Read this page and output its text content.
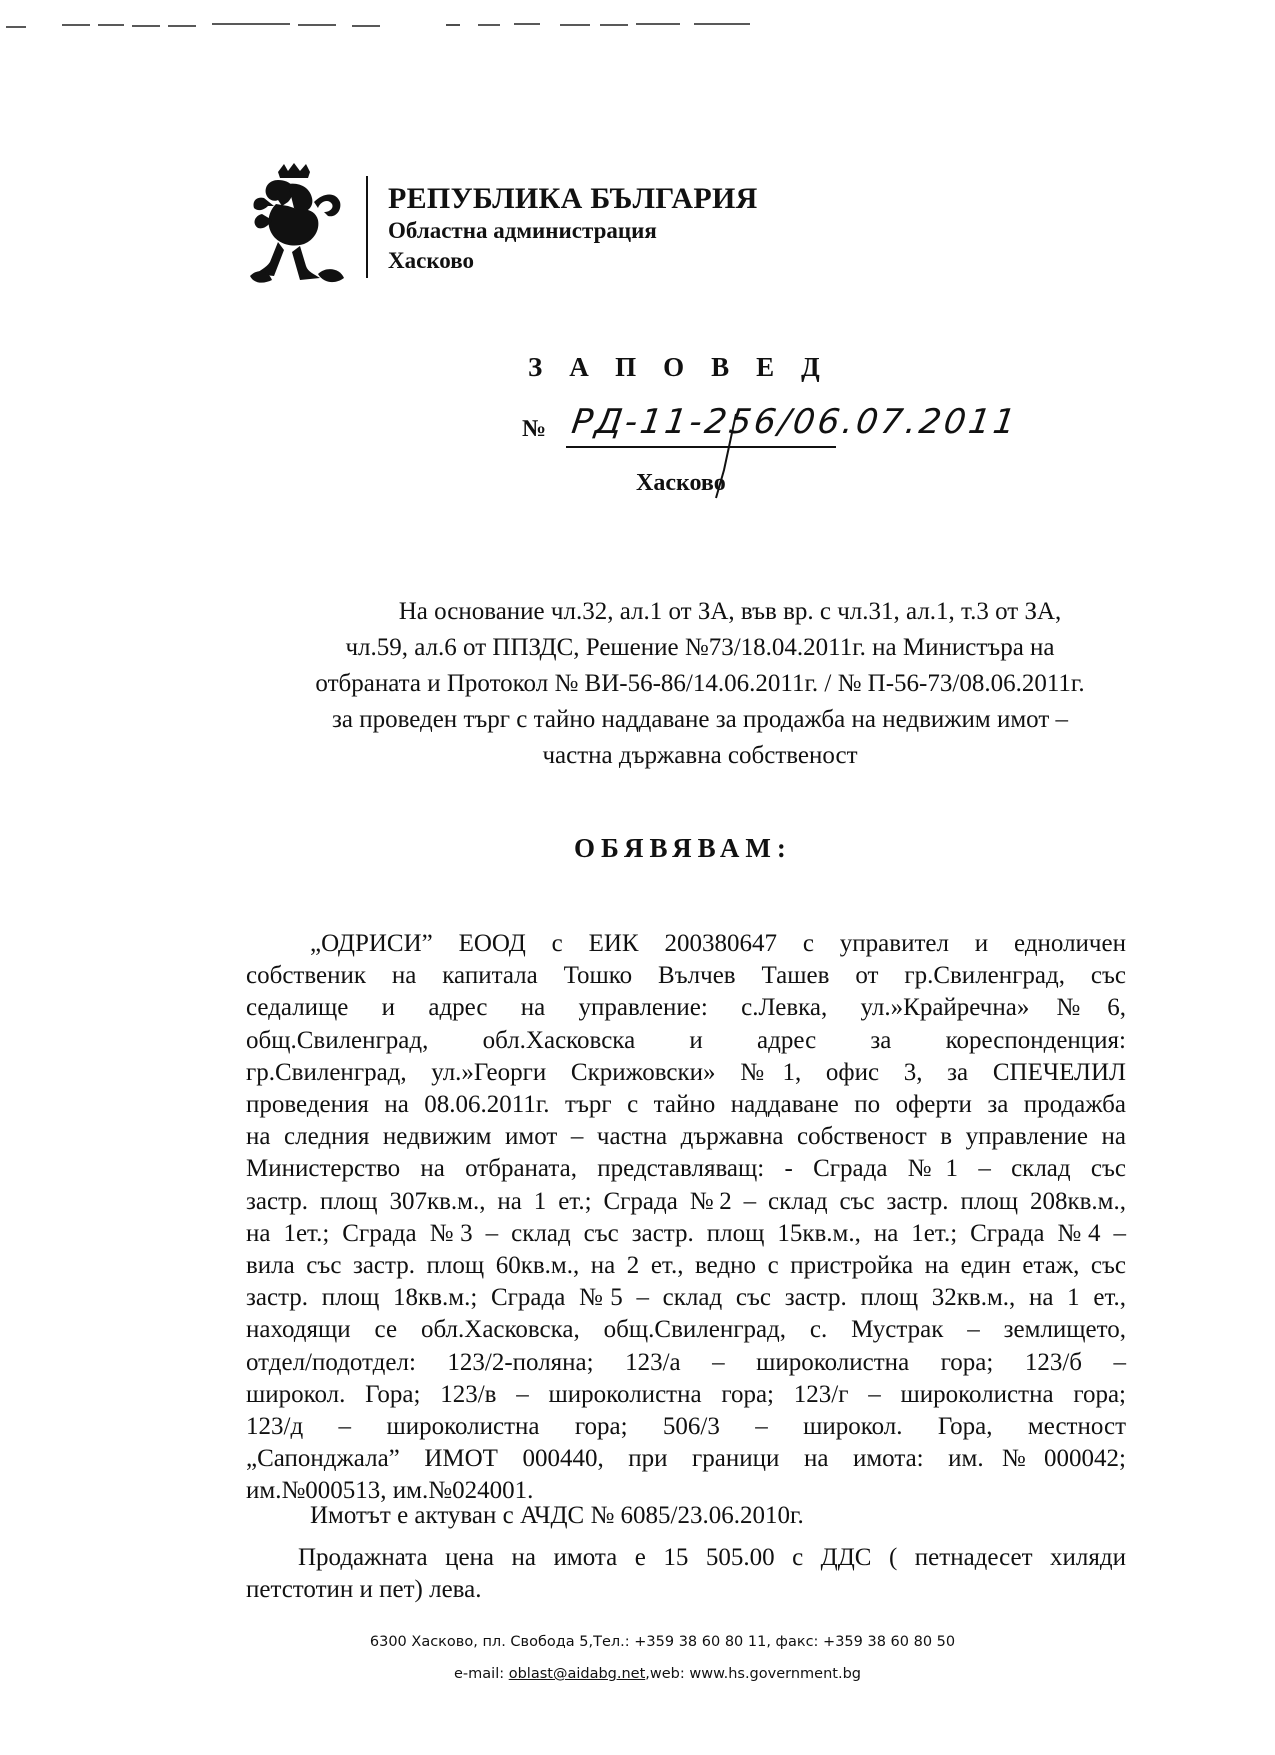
РЕПУБЛИКА БЪЛГАРИЯ
Областна администрация
Хасково
ЗАПОВЕД
№ РД-11-256/06.07.2011
Хасково
На основание чл.32, ал.1 от ЗА, във вр. с чл.31, ал.1, т.3 от ЗА,
чл.59, ал.6 от ППЗДС, Решение №73/18.04.2011г. на Министъра на
отбраната и Протокол № ВИ-56-86/14.06.2011г. / № П-56-73/08.06.2011г.
за проведен търг с тайно наддаване за продажба на недвижим имот –
частна държавна собственост
ОБЯВЯВАМ:
„ОДРИСИ” ЕООД с ЕИК 200380647 с управител и едноличен
собственик на капитала Тошко Вълчев Ташев от гр.Свиленград, със
седалище и адрес на управление: с.Левка, ул.»Крайречна»№6,
общ.Свиленград, обл.Хасковска и адрес за кореспонденция:
гр.Свиленград, ул.»Георги Скрижовски» №1, офис 3, за СПЕЧЕЛИЛ
проведения на 08.06.2011г. търг с тайно наддаване по оферти за продажба
на следния недвижим имот – частна държавна собственост в управление на
Министерство на отбраната, представляващ: - Сграда №1 – склад със
застр. площ 307кв.м., на 1 ет.; Сграда №2 – склад със застр. площ 208кв.м.,
на 1ет.; Сграда №3 – склад със застр. площ 15кв.м., на 1ет.; Сграда №4 –
вила със застр. площ 60кв.м., на 2 ет., ведно с пристройка на един етаж, със
застр. площ 18кв.м.; Сграда №5 – склад със застр. площ 32кв.м., на 1 ет.,
находящи се обл.Хасковска, общ.Свиленград, с. Мустрак – землището,
отдел/подотдел: 123/2-поляна; 123/а – широколистна гора; 123/б –
широкол. Гора; 123/в – широколистна гора; 123/г – широколистна гора;
123/д – широколистна гора; 506/3 – широкол. Гора, местност
„Сапонджала” ИМОТ 000440, при граници на имота: им.№000042;
им.№000513, им.№024001.
Имотът е актуван с АЧДС № 6085/23.06.2010г.
Продажната цена на имота е 15 505.00 с ДДС ( петнадесет хиляди
петстотин и пет) лева.
6300 Хасково, пл. Свобода 5,Тел.: +359 38 60 80 11, факс: +359 38 60 80 50
e-mail: oblast@aidabg.net,web: www.hs.government.bg
